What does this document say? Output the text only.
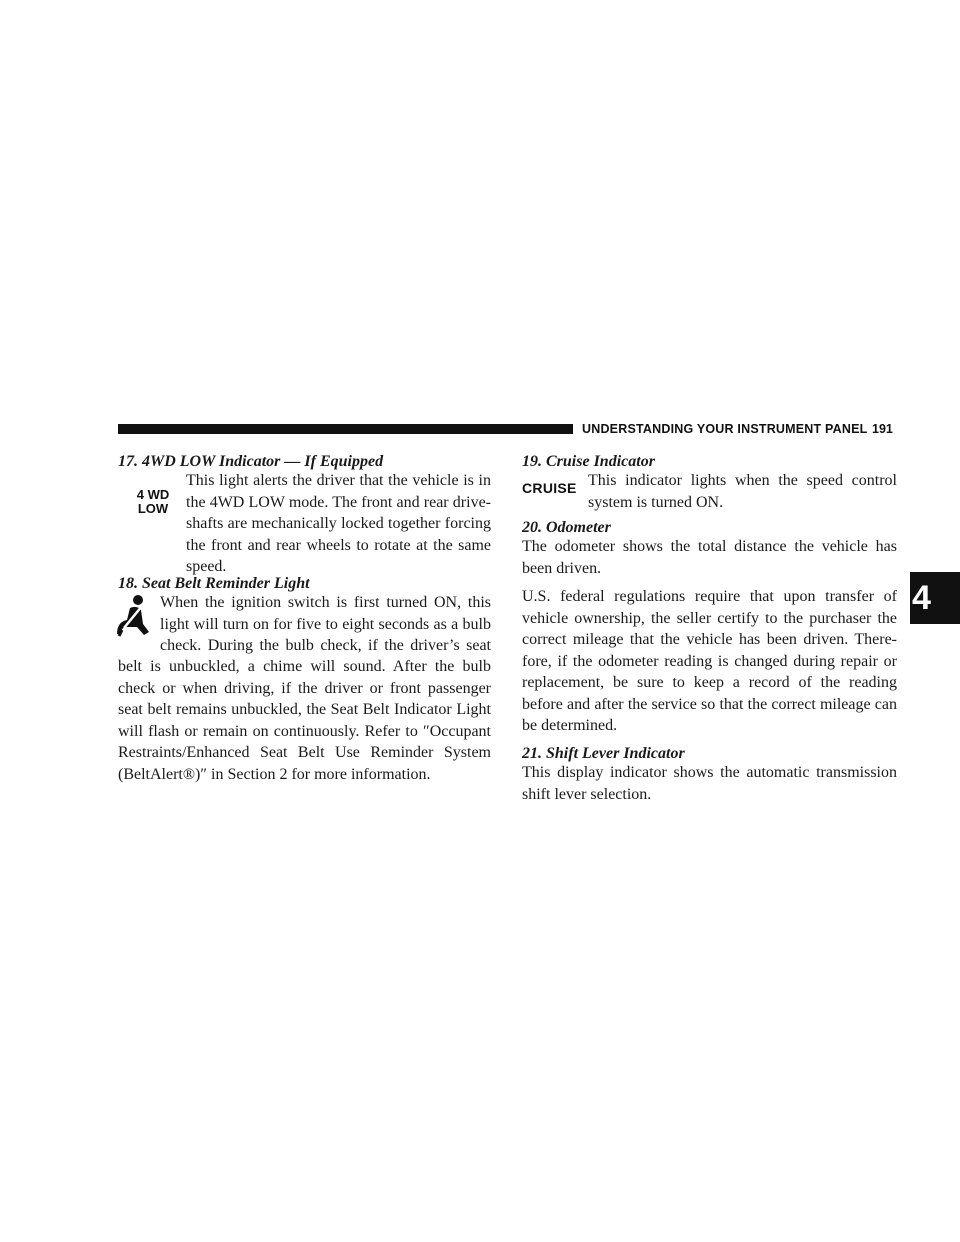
UNDERSTANDING YOUR INSTRUMENT PANEL 191
4
17. 4WD LOW Indicator — If Equipped
4 WD
LOW

This light alerts the driver that the vehicle is in

the 4WD LOW mode. The front and rear drive-

shafts are mechanically locked together forcing

the front and rear wheels to rotate at the same

speed.

18. Seat Belt Reminder Light

When the ignition switch is first turned ON, this

light will turn on for five to eight seconds as a bulb

check. During the bulb check, if the driver’s seat

belt is unbuckled, a chime will sound. After the bulb

check or when driving, if the driver or front passenger

seat belt remains unbuckled, the Seat Belt Indicator Light

will flash or remain on continuously. Refer to ″Occupant

Restraints/Enhanced Seat Belt Use Reminder System

(BeltAlert®)″ in Section 2 for more information.

19. Cruise Indicator
CRUISE This indicator lights when the speed control

system is turned ON.

20. Odometer

The odometer shows the total distance the vehicle has

been driven.

U.S. federal regulations require that upon transfer of

vehicle ownership, the seller certify to the purchaser the

correct mileage that the vehicle has been driven. There-

fore, if the odometer reading is changed during repair or

replacement, be sure to keep a record of the reading

before and after the service so that the correct mileage can

be determined.

21. Shift Lever Indicator

This display indicator shows the automatic transmission

shift lever selection.
